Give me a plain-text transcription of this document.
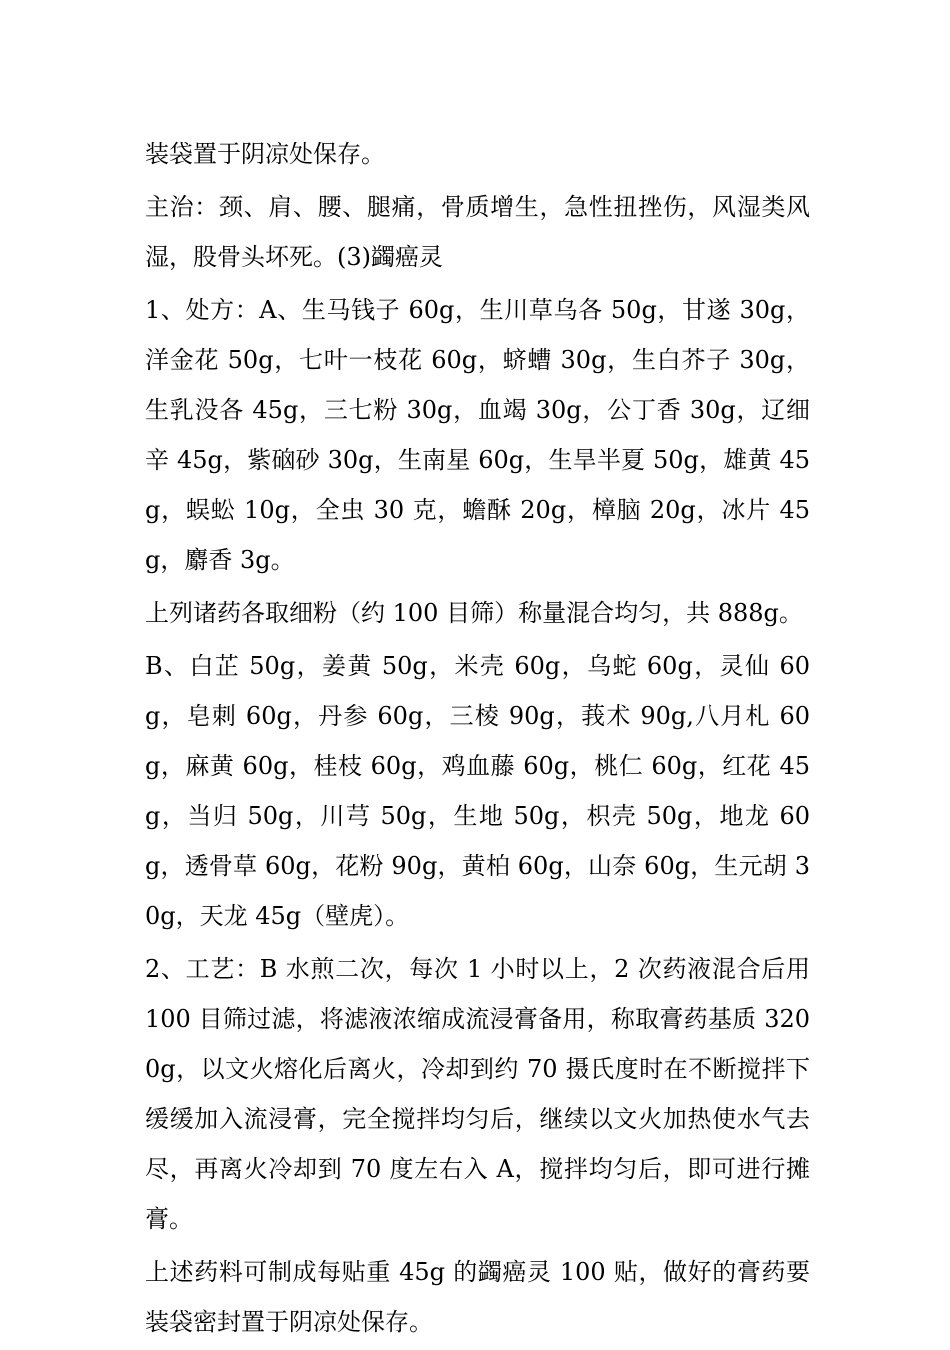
装袋置于阴凉处保存。

主治：颈、肩、腰、腿痛，骨质增生，急性扭挫伤，风湿类风湿，股骨头坏死。(3)蠲癌灵

1、处方：A、生马钱子 60g，生川草乌各 50g，甘遂 30g，洋金花 50g，七叶一枝花 60g，蛴螬 30g，生白芥子 30g，生乳没各 45g，三七粉 30g，血竭 30g，公丁香 30g，辽细辛 45g，紫硇砂 30g，生南星 60g，生旱半夏 50g，雄黄 45g，蜈蚣 10g，全虫 30 克，蟾酥 20g，樟脑 20g，冰片 45g，麝香 3g。

上列诸药各取细粉（约 100 目筛）称量混合均匀，共 888g。

B、白芷 50g，姜黄 50g，米壳 60g，乌蛇 60g，灵仙 60g，皂刺 60g，丹参 60g，三棱 90g，莪术 90g,八月札 60g，麻黄 60g，桂枝 60g，鸡血藤 60g，桃仁 60g，红花 45g，当归 50g，川芎 50g，生地 50g，枳壳 50g，地龙 60g，透骨草 60g，花粉 90g，黄柏 60g，山奈 60g，生元胡 30g，天龙 45g（壁虎）。

2、工艺：B 水煎二次，每次 1 小时以上，2 次药液混合后用 100 目筛过滤，将滤液浓缩成流浸膏备用，称取膏药基质 3200g，以文火熔化后离火，冷却到约 70 摄氏度时在不断搅拌下缓缓加入流浸膏，完全搅拌均匀后，继续以文火加热使水气去尽，再离火冷却到 70 度左右入 A，搅拌均匀后，即可进行摊膏。

上述药料可制成每贴重 45g 的蠲癌灵 100 贴，做好的膏药要装袋密封置于阴凉处保存。
